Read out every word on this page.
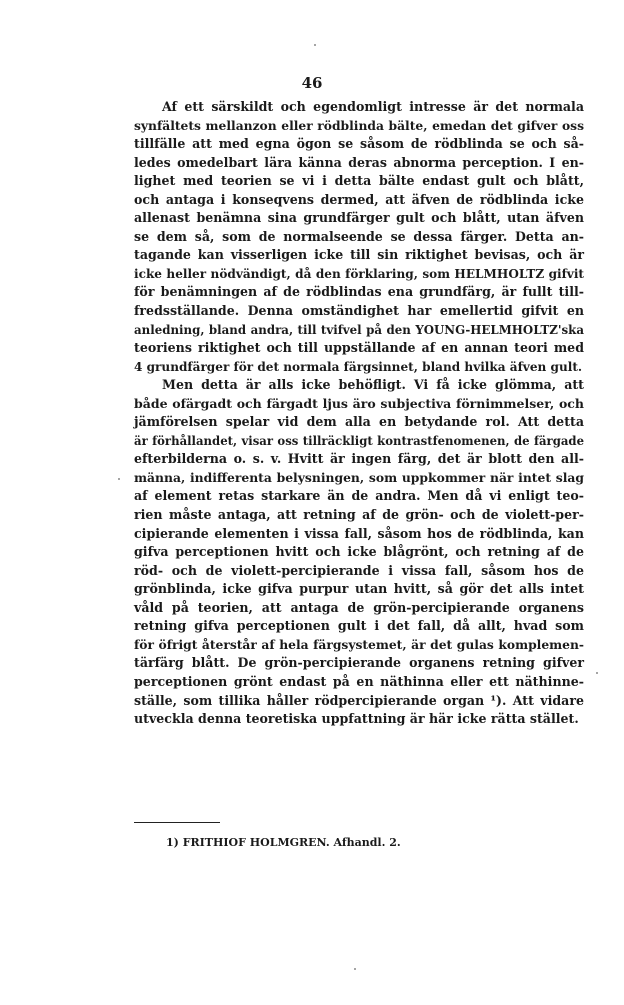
46
Af ett särskildt och egendomligt intresse är det normala
synfältets mellanzon eller rödblinda bälte, emedan det gifver oss
tillfälle att med egna ögon se såsom de rödblinda se och så-
ledes omedelbart lära känna deras abnorma perception. I en-
lighet med teorien se vi i detta bälte endast gult och blått,
och antaga i konseqvens dermed, att äfven de rödblinda icke
allenast benämna sina grundfärger gult och blått, utan äfven
se dem så, som de normalseende se dessa färger. Detta an-
tagande kan visserligen icke till sin riktighet bevisas, och är
icke heller nödvändigt, då den förklaring, som HELMHOLTZ gifvit
för benämningen af de rödblindas ena grundfärg, är fullt till-
fredsställande. Denna omständighet har emellertid gifvit en
anledning, bland andra, till tvifvel på den YOUNG-HELMHOLTZ'ska
teoriens riktighet och till uppställande af en annan teori med
4 grundfärger för det normala färgsinnet, bland hvilka äfven gult.
Men detta är alls icke behöfligt. Vi få icke glömma, att
både ofärgadt och färgadt ljus äro subjectiva förnimmelser, och
jämförelsen spelar vid dem alla en betydande rol. Att detta
är förhållandet, visar oss tillräckligt kontrastfenomenen, de färgade
efterbilderna o. s. v. Hvitt är ingen färg, det är blott den all-
männa, indifferenta belysningen, som uppkommer när intet slag
af element retas starkare än de andra. Men då vi enligt teo-
rien måste antaga, att retning af de grön- och de violett-per-
cipierande elementen i vissa fall, såsom hos de rödblinda, kan
gifva perceptionen hvitt och icke blågrönt, och retning af de
röd- och de violett-percipierande i vissa fall, såsom hos de
grönblinda, icke gifva purpur utan hvitt, så gör det alls intet
våld på teorien, att antaga de grön-percipierande organens
retning gifva perceptionen gult i det fall, då allt, hvad som
för öfrigt återstår af hela färgsystemet, är det gulas komplemen-
tärfärg blått. De grön-percipierande organens retning gifver
perceptionen grönt endast på en näthinna eller ett näthinne-
ställe, som tillika håller rödpercipierande organ ¹). Att vidare
utveckla denna teoretiska uppfattning är här icke rätta stället.
1) FRITHIOF HOLMGREN. Afhandl. 2.
